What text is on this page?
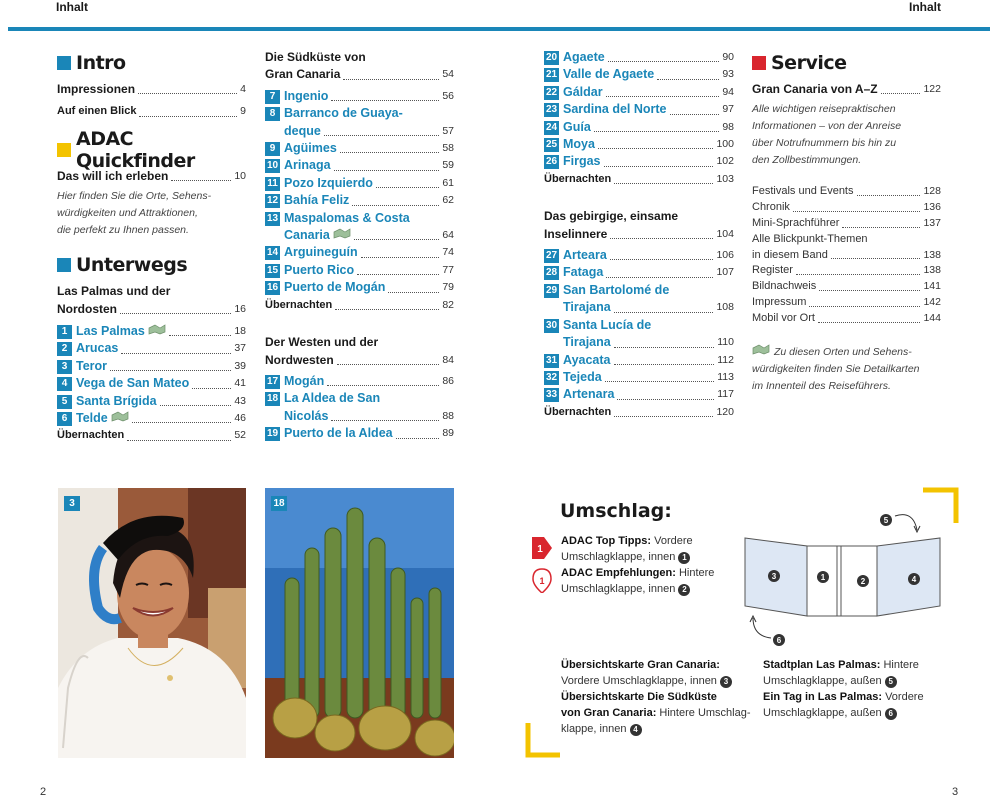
Inhalt	Inhalt
2	3
Intro
Impressionen	4
Auf einen Blick	9
ADAC Quickfinder
Das will ich erleben	10
Hier finden Sie die Orte, Sehens-
würdigkeiten und Attraktionen,
die perfekt zu Ihnen passen.
Unterwegs
Las Palmas und der
Nordosten	16
1 Las Palmas	18
2 Arucas	37
3 Teror	39
4 Vega de San Mateo	41
5 Santa Brígida	43
6 Telde	46
Übernachten	52
Die Südküste von
Gran Canaria	54
7 Ingenio	56
8 Barranco de Guaya-
deque	57
9 Agüimes	58
10 Arinaga	59
11 Pozo Izquierdo	61
12 Bahía Feliz	62
13 Maspalomas & Costa
Canaria	64
14 Arguineguín	74
15 Puerto Rico	77
16 Puerto de Mogán	79
Übernachten	82
Der Westen und der
Nordwesten	84
17 Mogán	86
18 La Aldea de San
Nicolás	88
19 Puerto de la Aldea	89
20 Agaete	90
21 Valle de Agaete	93
22 Gáldar	94
23 Sardina del Norte	97
24 Guía	98
25 Moya	100
26 Firgas	102
Übernachten	103
Das gebirgige, einsame
Inselinnere	104
27 Arteara	106
28 Fataga	107
29 San Bartolomé de
Tirajana	108
30 Santa Lucía de
Tirajana	110
31 Ayacata	112
32 Tejeda	113
33 Artenara	117
Übernachten	120
Service
Gran Canaria von A–Z	122
Alle wichtigen reisepraktischen
Informationen – von der Anreise
über Notrufnummern bis hin zu
den Zollbestimmungen.
Festivals und Events	128
Chronik	136
Mini-Sprachführer	137
Alle Blickpunkt-Themen
in diesem Band	138
Register	138
Bildnachweis	141
Impressum	142
Mobil vor Ort	144
Zu diesen Orten und Sehens-
würdigkeiten finden Sie Detailkarten
im Innenteil des Reiseführers.
3	18	Umschlag:
1
1
ADAC Top Tipps: Vordere
Umschlagklappe, innen 1
ADAC Empfehlungen: Hintere
Umschlagklappe, innen 2
3	1	2	4
5
6
Übersichtskarte Gran Canaria:
Vordere Umschlagklappe, innen 3
Übersichtskarte Die Südküste
von Gran Canaria: Hintere Umschlag-
klappe, innen 4
Stadtplan Las Palmas: Hintere
Umschlagklappe, außen 5
Ein Tag in Las Palmas: Vordere
Umschlagklappe, außen 6
